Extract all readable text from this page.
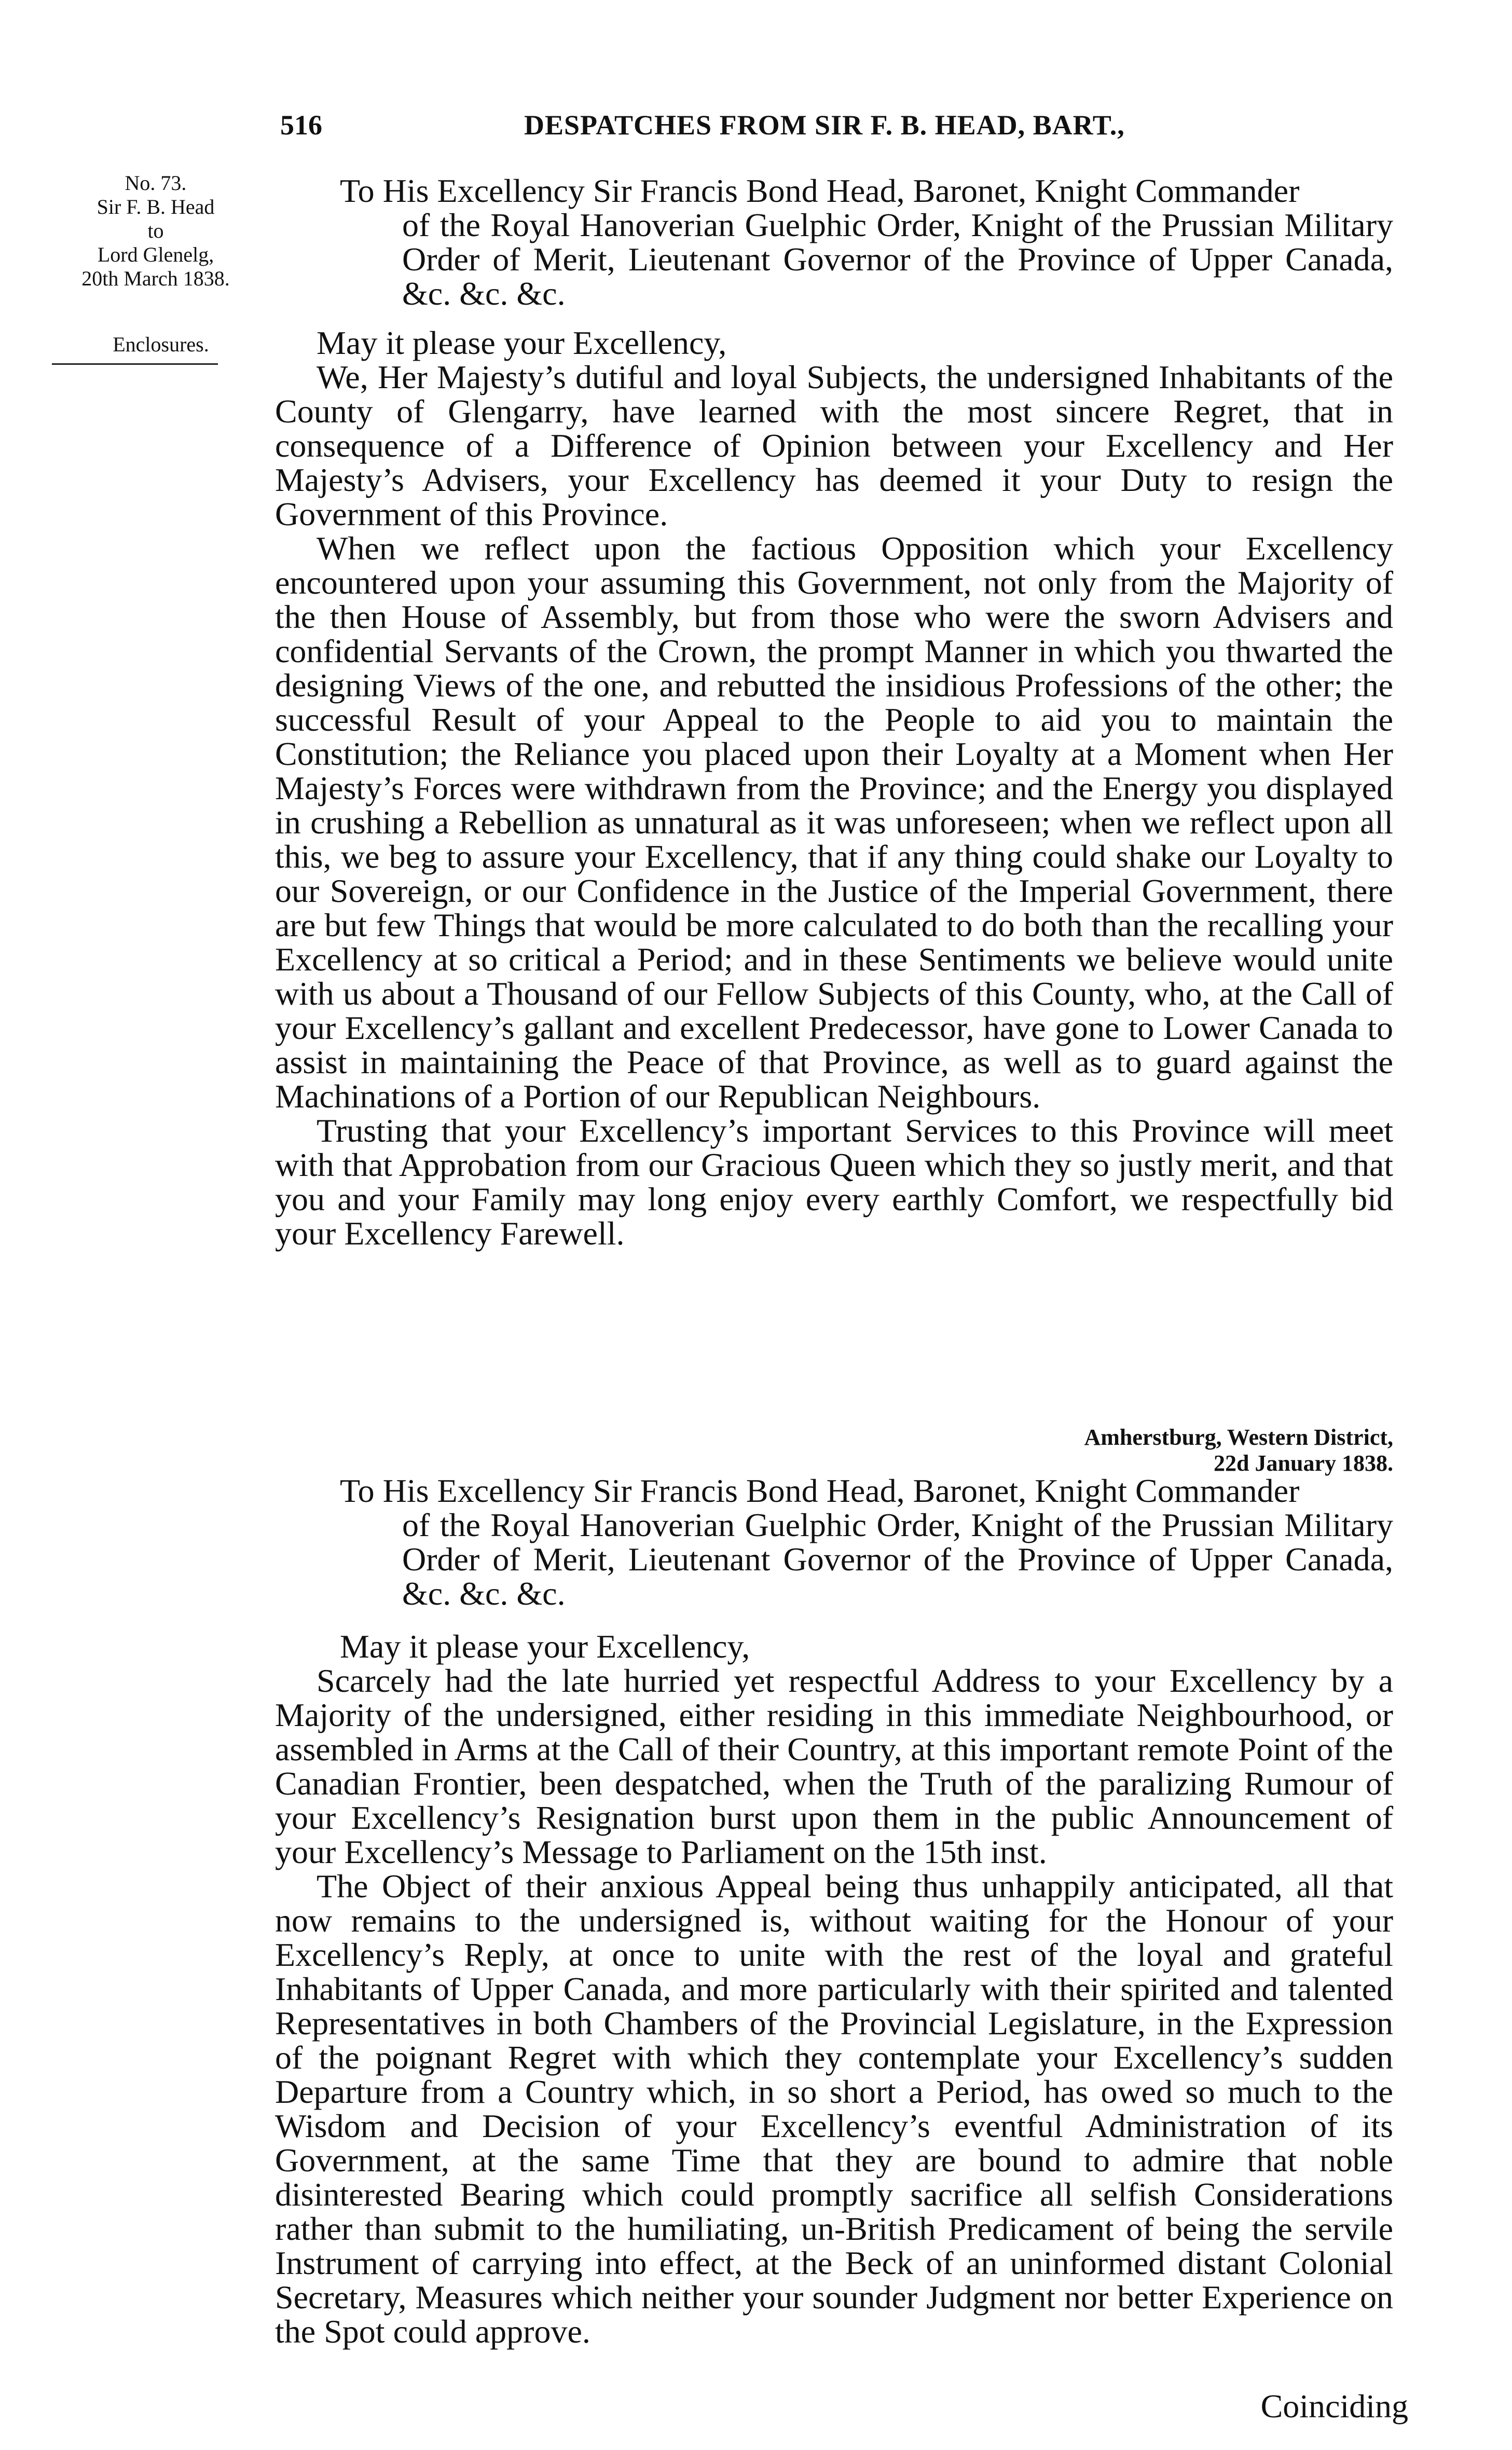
516	DESPATCHES FROM SIR F. B. HEAD, BART.,
No. 73.
Sir F. B. Head
to
Lord Glenelg,
20th March 1838.
Enclosures.

To His Excellency Sir Francis Bond Head, Baronet, Knight Commander

of the Royal Hanoverian Guelphic Order, Knight of the Prussian Military Order of Merit, Lieutenant Governor of the Province of Upper Canada, &c. &c. &c.

May it please your Excellency,

We, Her Majesty’s dutiful and loyal Subjects, the undersigned Inhabitants of the County of Glengarry, have learned with the most sincere Regret, that in consequence of a Difference of Opinion between your Excellency and Her Majesty’s Advisers, your Excellency has deemed it your Duty to resign the Government of this Province.

When we reflect upon the factious Opposition which your Excellency encountered upon your assuming this Government, not only from the Majority of the then House of Assembly, but from those who were the sworn Advisers and confidential Servants of the Crown, the prompt Manner in which you thwarted the designing Views of the one, and rebutted the insidious Professions of the other; the successful Result of your Appeal to the People to aid you to maintain the Constitution; the Reliance you placed upon their Loyalty at a Moment when Her Majesty’s Forces were withdrawn from the Province; and the Energy you displayed in crushing a Rebellion as unnatural as it was unforeseen; when we reflect upon all this, we beg to assure your Excellency, that if any thing could shake our Loyalty to our Sovereign, or our Confidence in the Justice of the Imperial Government, there are but few Things that would be more calculated to do both than the recalling your Excellency at so critical a Period; and in these Sentiments we believe would unite with us about a Thousand of our Fellow Subjects of this County, who, at the Call of your Excellency’s gallant and excellent Predecessor, have gone to Lower Canada to assist in maintaining the Peace of that Province, as well as to guard against the Machinations of a Portion of our Republican Neighbours.

Trusting that your Excellency’s important Services to this Province will meet with that Approbation from our Gracious Queen which they so justly merit, and that you and your Family may long enjoy every earthly Comfort, we respectfully bid your Excellency Farewell.

Amherstburg, Western District,
22d January 1838.

To His Excellency Sir Francis Bond Head, Baronet, Knight Commander

of the Royal Hanoverian Guelphic Order, Knight of the Prussian Military Order of Merit, Lieutenant Governor of the Province of Upper Canada, &c. &c. &c.

May it please your Excellency,

Scarcely had the late hurried yet respectful Address to your Excellency by a Majority of the undersigned, either residing in this immediate Neighbourhood, or assembled in Arms at the Call of their Country, at this important remote Point of the Canadian Frontier, been despatched, when the Truth of the paralizing Rumour of your Excellency’s Resignation burst upon them in the public Announcement of your Excellency’s Message to Parliament on the 15th inst.

The Object of their anxious Appeal being thus unhappily anticipated, all that now remains to the undersigned is, without waiting for the Honour of your Excellency’s Reply, at once to unite with the rest of the loyal and grateful Inhabitants of Upper Canada, and more particularly with their spirited and talented Representatives in both Chambers of the Provincial Legislature, in the Expression of the poignant Regret with which they contemplate your Excellency’s sudden Departure from a Country which, in so short a Period, has owed so much to the Wisdom and Decision of your Excellency’s eventful Administration of its Government, at the same Time that they are bound to admire that noble disinterested Bearing which could promptly sacrifice all selfish Considerations rather than submit to the humiliating, un-British Predicament of being the servile Instrument of carrying into effect, at the Beck of an uninformed distant Colonial Secretary, Measures which neither your sounder Judgment nor better Experience on the Spot could approve.

Coinciding
